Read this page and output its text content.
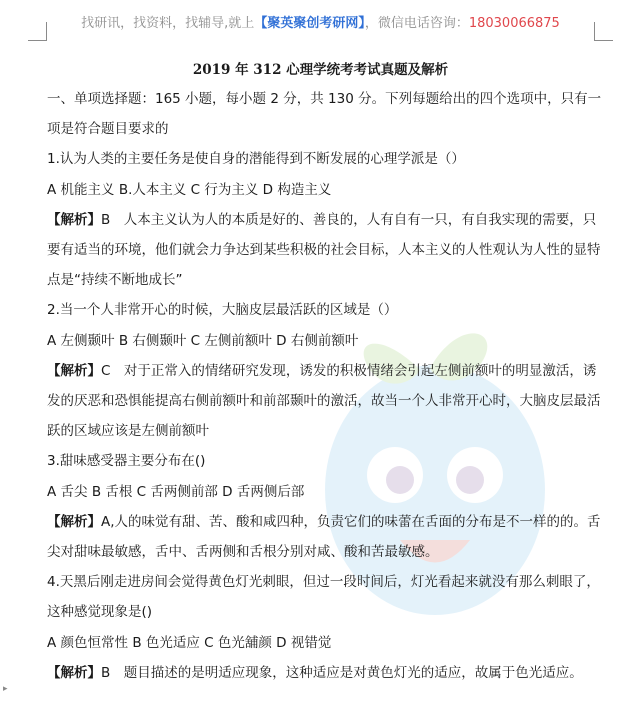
找研讯，找资料，找辅导,就上【聚英聚创考研网】，微信电话咨询：18030066875
2019 年 312 心理学统考考试真题及解析

一、单项选择题：165 小题，每小题 2 分，共 130 分。下列每题给出的四个选项中，只有一项是符合题目要求的

1.认为人类的主要任务是使自身的潜能得到不断发展的心理学派是（）

A 机能主义 B.人本主义 C 行为主义 D 构造主义

【解析】B　人本主义认为人的本质是好的、善良的，人有自有一只，有自我实现的需要，只要有适当的环境，他们就会力争达到某些积极的社会目标，人本主义的人性观认为人性的显特点是“持续不断地成长”

2.当一个人非常开心的时候，大脑皮层最活跃的区域是（）

A 左侧颞叶 B 右侧颞叶 C 左侧前额叶 D 右侧前额叶

【解析】C　对于正常入的情绪研究发现，诱发的积极情绪会引起左侧前额叶的明显激活，诱发的厌恶和恐惧能提高右侧前额叶和前部颞叶的激活，故当一个人非常开心时，大脑皮层最活跃的区域应该是左侧前额叶

3.甜味感受器主要分布在()

A 舌尖 B 舌根 C 舌两侧前部 D 舌两侧后部

【解析】A,人的味觉有甜、苦、酸和咸四种，负责它们的味蕾在舌面的分布是不一样的的。舌尖对甜味最敏感，舌中、舌两侧和舌根分别对咸、酸和苦最敏感。

4.天黑后刚走进房间会觉得黄色灯光刺眼，但过一段时间后，灯光看起来就没有那么刺眼了，这种感觉现象是()

A 颜色恒常性 B 色光适应 C 色光舖颜 D 视错觉

【解析】B　题目描述的是明适应现象，这种适应是对黄色灯光的适应，故属于色光适应。

▸
